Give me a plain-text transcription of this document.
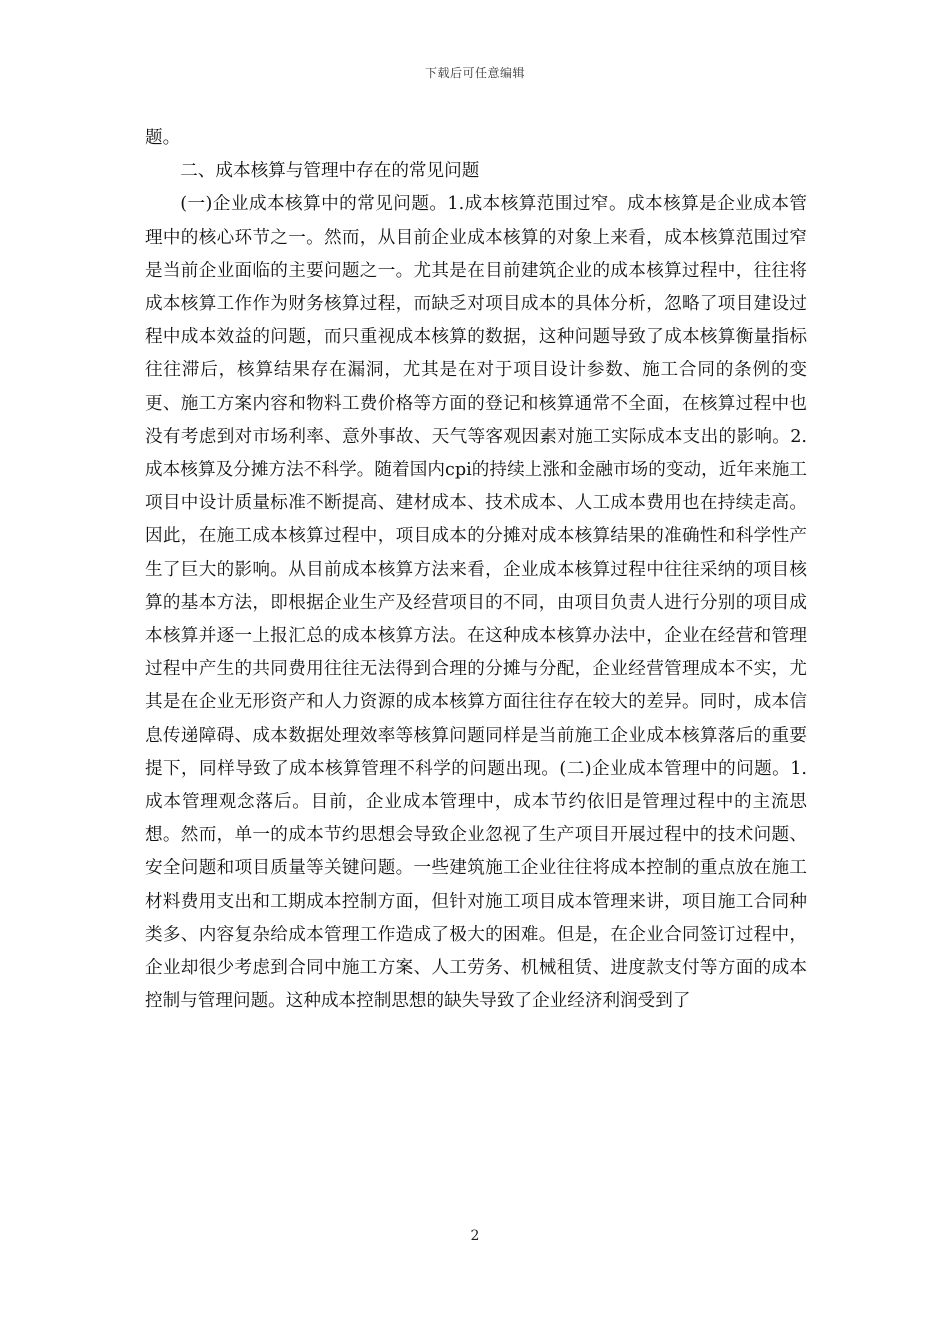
下载后可任意编辑

题。

二、成本核算与管理中存在的常见问题

(一)企业成本核算中的常见问题。1.成本核算范围过窄。成本核算是企业成本管理中的核心环节之一。然而，从目前企业成本核算的对象上来看，成本核算范围过窄是当前企业面临的主要问题之一。尤其是在目前建筑企业的成本核算过程中，往往将成本核算工作作为财务核算过程，而缺乏对项目成本的具体分析，忽略了项目建设过程中成本效益的问题，而只重视成本核算的数据，这种问题导致了成本核算衡量指标往往滞后，核算结果存在漏洞，尤其是在对于项目设计参数、施工合同的条例的变更、施工方案内容和物料工费价格等方面的登记和核算通常不全面，在核算过程中也没有考虑到对市场利率、意外事故、天气等客观因素对施工实际成本支出的影响。2.成本核算及分摊方法不科学。随着国内cpi的持续上涨和金融市场的变动，近年来施工项目中设计质量标准不断提高、建材成本、技术成本、人工成本费用也在持续走高。因此，在施工成本核算过程中，项目成本的分摊对成本核算结果的准确性和科学性产生了巨大的影响。从目前成本核算方法来看，企业成本核算过程中往往采纳的项目核算的基本方法，即根据企业生产及经营项目的不同，由项目负责人进行分别的项目成本核算并逐一上报汇总的成本核算方法。在这种成本核算办法中，企业在经营和管理过程中产生的共同费用往往无法得到合理的分摊与分配，企业经营管理成本不实，尤其是在企业无形资产和人力资源的成本核算方面往往存在较大的差异。同时，成本信息传递障碍、成本数据处理效率等核算问题同样是当前施工企业成本核算落后的重要提下，同样导致了成本核算管理不科学的问题出现。(二)企业成本管理中的问题。1.成本管理观念落后。目前，企业成本管理中，成本节约依旧是管理过程中的主流思想。然而，单一的成本节约思想会导致企业忽视了生产项目开展过程中的技术问题、安全问题和项目质量等关键问题。一些建筑施工企业往往将成本控制的重点放在施工材料费用支出和工期成本控制方面，但针对施工项目成本管理来讲，项目施工合同种类多、内容复杂给成本管理工作造成了极大的困难。但是，在企业合同签订过程中，企业却很少考虑到合同中施工方案、人工劳务、机械租赁、进度款支付等方面的成本控制与管理问题。这种成本控制思想的缺失导致了企业经济利润受到了

2
